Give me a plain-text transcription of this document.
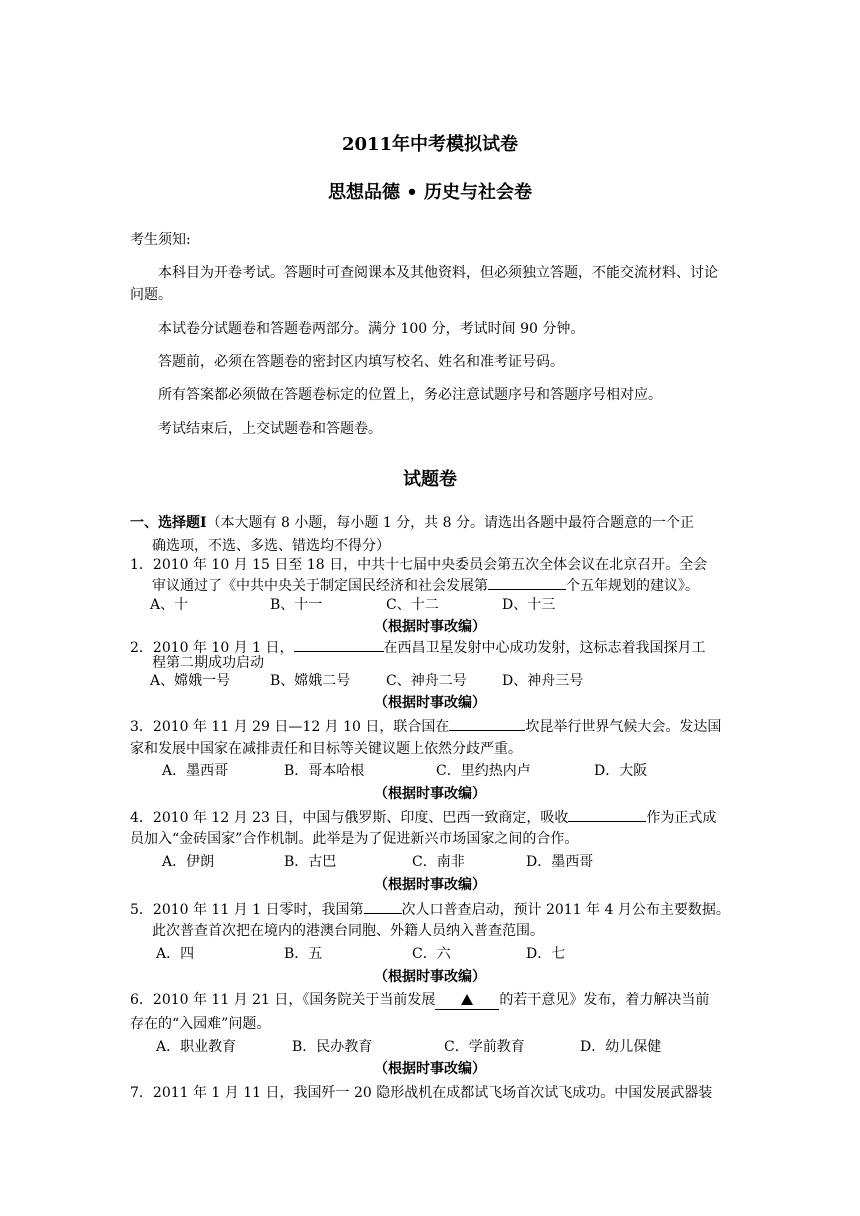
2011年中考模拟试卷
思想品德 • 历史与社会卷
考生须知:
本科目为开卷考试。答题时可查阅课本及其他资料，但必须独立答题，不能交流材料、讨论
问题。
本试卷分试题卷和答题卷两部分。满分 100 分，考试时间 90 分钟。
答题前，必须在答题卷的密封区内填写校名、姓名和准考证号码。
所有答案都必须做在答题卷标定的位置上，务必注意试题序号和答题序号相对应。
考试结束后，上交试题卷和答题卷。
试题卷
一、选择题Ⅰ（本大题有 8 小题，每小题 1 分，共 8 分。请选出各题中最符合题意的一个正
确选项，不选、多选、错选均不得分）
1．2010 年 10 月 15 日至 18 日，中共十七届中央委员会第五次全体会议在北京召开。全会
审议通过了《中共中央关于制定国民经济和社会发展第	个五年规划的建议》。
A、十	B、十一	C、十二	D、十三
（根据时事改编）
2．2010 年 10 月 1 日，	在西昌卫星发射中心成功发射，这标志着我国探月工
程第二期成功启动
A、嫦娥一号	B、嫦娥二号	C、神舟二号	D、神舟三号
（根据时事改编）
3．2010 年 11 月 29 日—12 月 10 日，联合国在	坎昆举行世界气候大会。发达国
家和发展中国家在减排责任和目标等关键议题上依然分歧严重。
A．墨西哥	B．哥本哈根	C．里约热内卢	D．大阪
（根据时事改编）
4．2010 年 12 月 23 日，中国与俄罗斯、印度、巴西一致商定，吸收	作为正式成
员加入“金砖国家”合作机制。此举是为了促进新兴市场国家之间的合作。
A．伊朗	B．古巴	C．南非	D．墨西哥
（根据时事改编）
5．2010 年 11 月 1 日零时，我国第	次人口普查启动，预计 2011 年 4 月公布主要数据。
此次普查首次把在境内的港澳台同胞、外籍人员纳入普查范围。
A．四	B．五	C．六	D．七
（根据时事改编）
6．2010 年 11 月 21 日，《国务院关于当前发展	的若干意见》发布，着力解决当前
存在的“入园难”问题。
A．职业教育	B．民办教育	C．学前教育	D．幼儿保健
（根据时事改编）
7．2011 年 1 月 11 日，我国歼一 20 隐形战机在成都试飞场首次试飞成功。中国发展武器装
